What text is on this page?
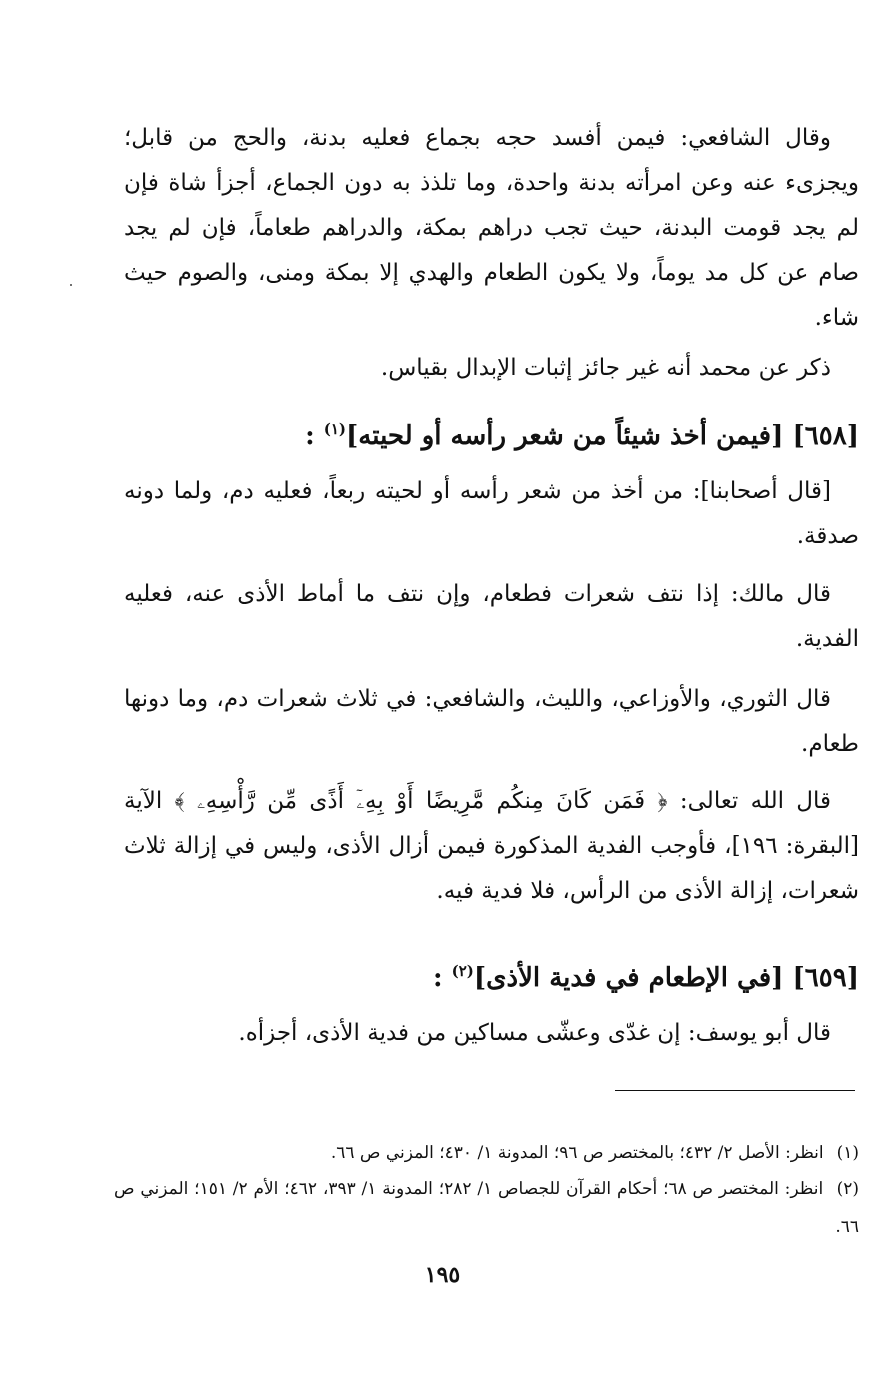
وقال الشافعي: فيمن أفسد حجه بجماع فعليه بدنة، والحج من قابل؛ ويجزىء عنه وعن امرأته بدنة واحدة، وما تلذذ به دون الجماع، أجزأ شاة فإن لم يجد قومت البدنة، حيث تجب دراهم بمكة، والدراهم طعاماً، فإن لم يجد صام عن كل مد يوماً، ولا يكون الطعام والهدي إلا بمكة ومنى، والصوم حيث شاء.

ذكر عن محمد أنه غير جائز إثبات الإبدال بقياس.

[٦٥٨] [فيمن أخذ شيئاً من شعر رأسه أو لحيته]$^{(١)}$ :

[قال أصحابنا]: من أخذ من شعر رأسه أو لحيته ربعاً، فعليه دم، ولما دونه صدقة.

قال مالك: إذا نتف شعرات فطعام، وإن نتف ما أماط الأذى عنه، فعليه الفدية.

قال الثوري، والأوزاعي، والليث، والشافعي: في ثلاث شعرات دم، وما دونها طعام.

قال الله تعالى: ﴿ فَمَن كَانَ مِنكُم مَّرِيضًا أَوْ بِهِۦٓ أَذًى مِّن رَّأْسِهِۦ ﴾ الآية [البقرة: ١٩٦]، فأوجب الفدية المذكورة فيمن أزال الأذى، وليس في إزالة ثلاث شعرات، إزالة الأذى من الرأس، فلا فدية فيه.

[٦٥٩] [في الإطعام في فدية الأذى]$^{(٢)}$ :

قال أبو يوسف: إن غدّى وعشّى مساكين من فدية الأذى، أجزأه.

(١) انظر: الأصل ٢/ ٤٣٢؛ بالمختصر ص ٩٦؛ المدونة ١/ ٤٣٠؛ المزني ص ٦٦.

(٢) انظر: المختصر ص ٦٨؛ أحكام القرآن للجصاص ١/ ٢٨٢؛ المدونة ١/ ٣٩٣، ٤٦٢؛ الأم ٢/ ١٥١؛ المزني ص ٦٦.

١٩٥
